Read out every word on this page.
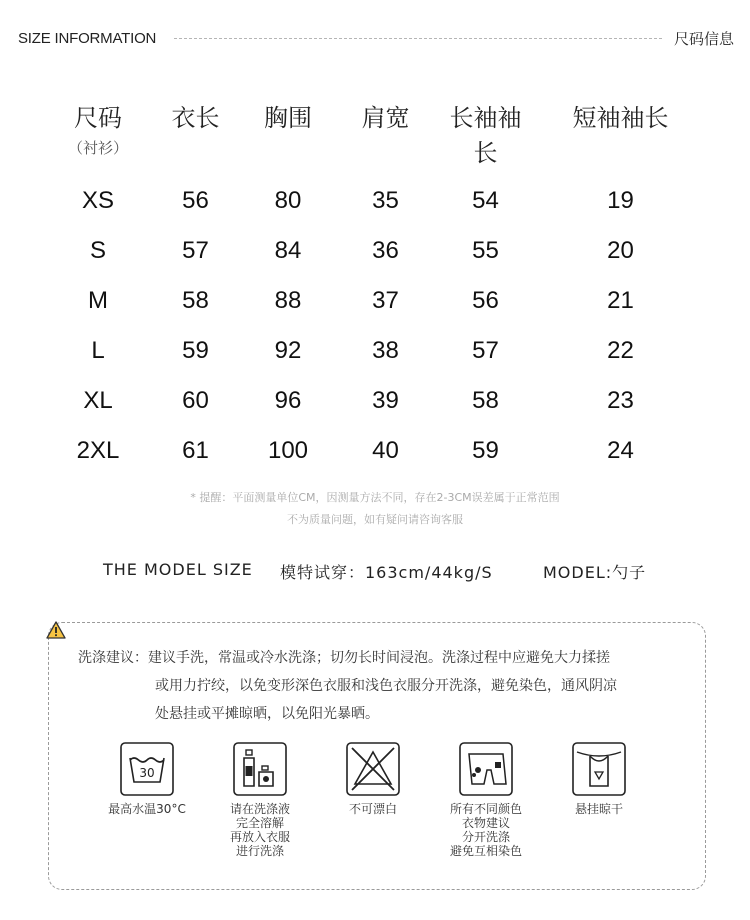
SIZE INFORMATION	尺码信息
尺码
（衬衫）	衣长	胸围	肩宽	长袖袖长	短袖袖长
XS	56	80	35	54	19
S	57	84	36	55	20
M	58	88	37	56	21
L	59	92	38	57	22
XL	60	96	39	58	23
2XL	61	100	40	59	24
* 提醒：平面测量单位CM，因测量方法不同，存在2-3CM误差属于正常范围
不为质量问题，如有疑问请咨询客服
THE MODEL SIZE 模特试穿：163cm/44kg/S	MODEL:勺子
洗涤建议：建议手洗，常温或冷水洗涤；切勿长时间浸泡。洗涤过程中应避免大力揉搓
或用力拧绞，以免变形深色衣服和浅色衣服分开洗涤，避免染色，通风阴凉
处悬挂或平摊晾晒，以免阳光暴晒。
30
最高水温30°C	请在洗涤液
完全溶解
再放入衣服
进行洗涤
不可漂白	所有不同颜色
衣物建议
分开洗涤
避免互相染色
悬挂晾干
